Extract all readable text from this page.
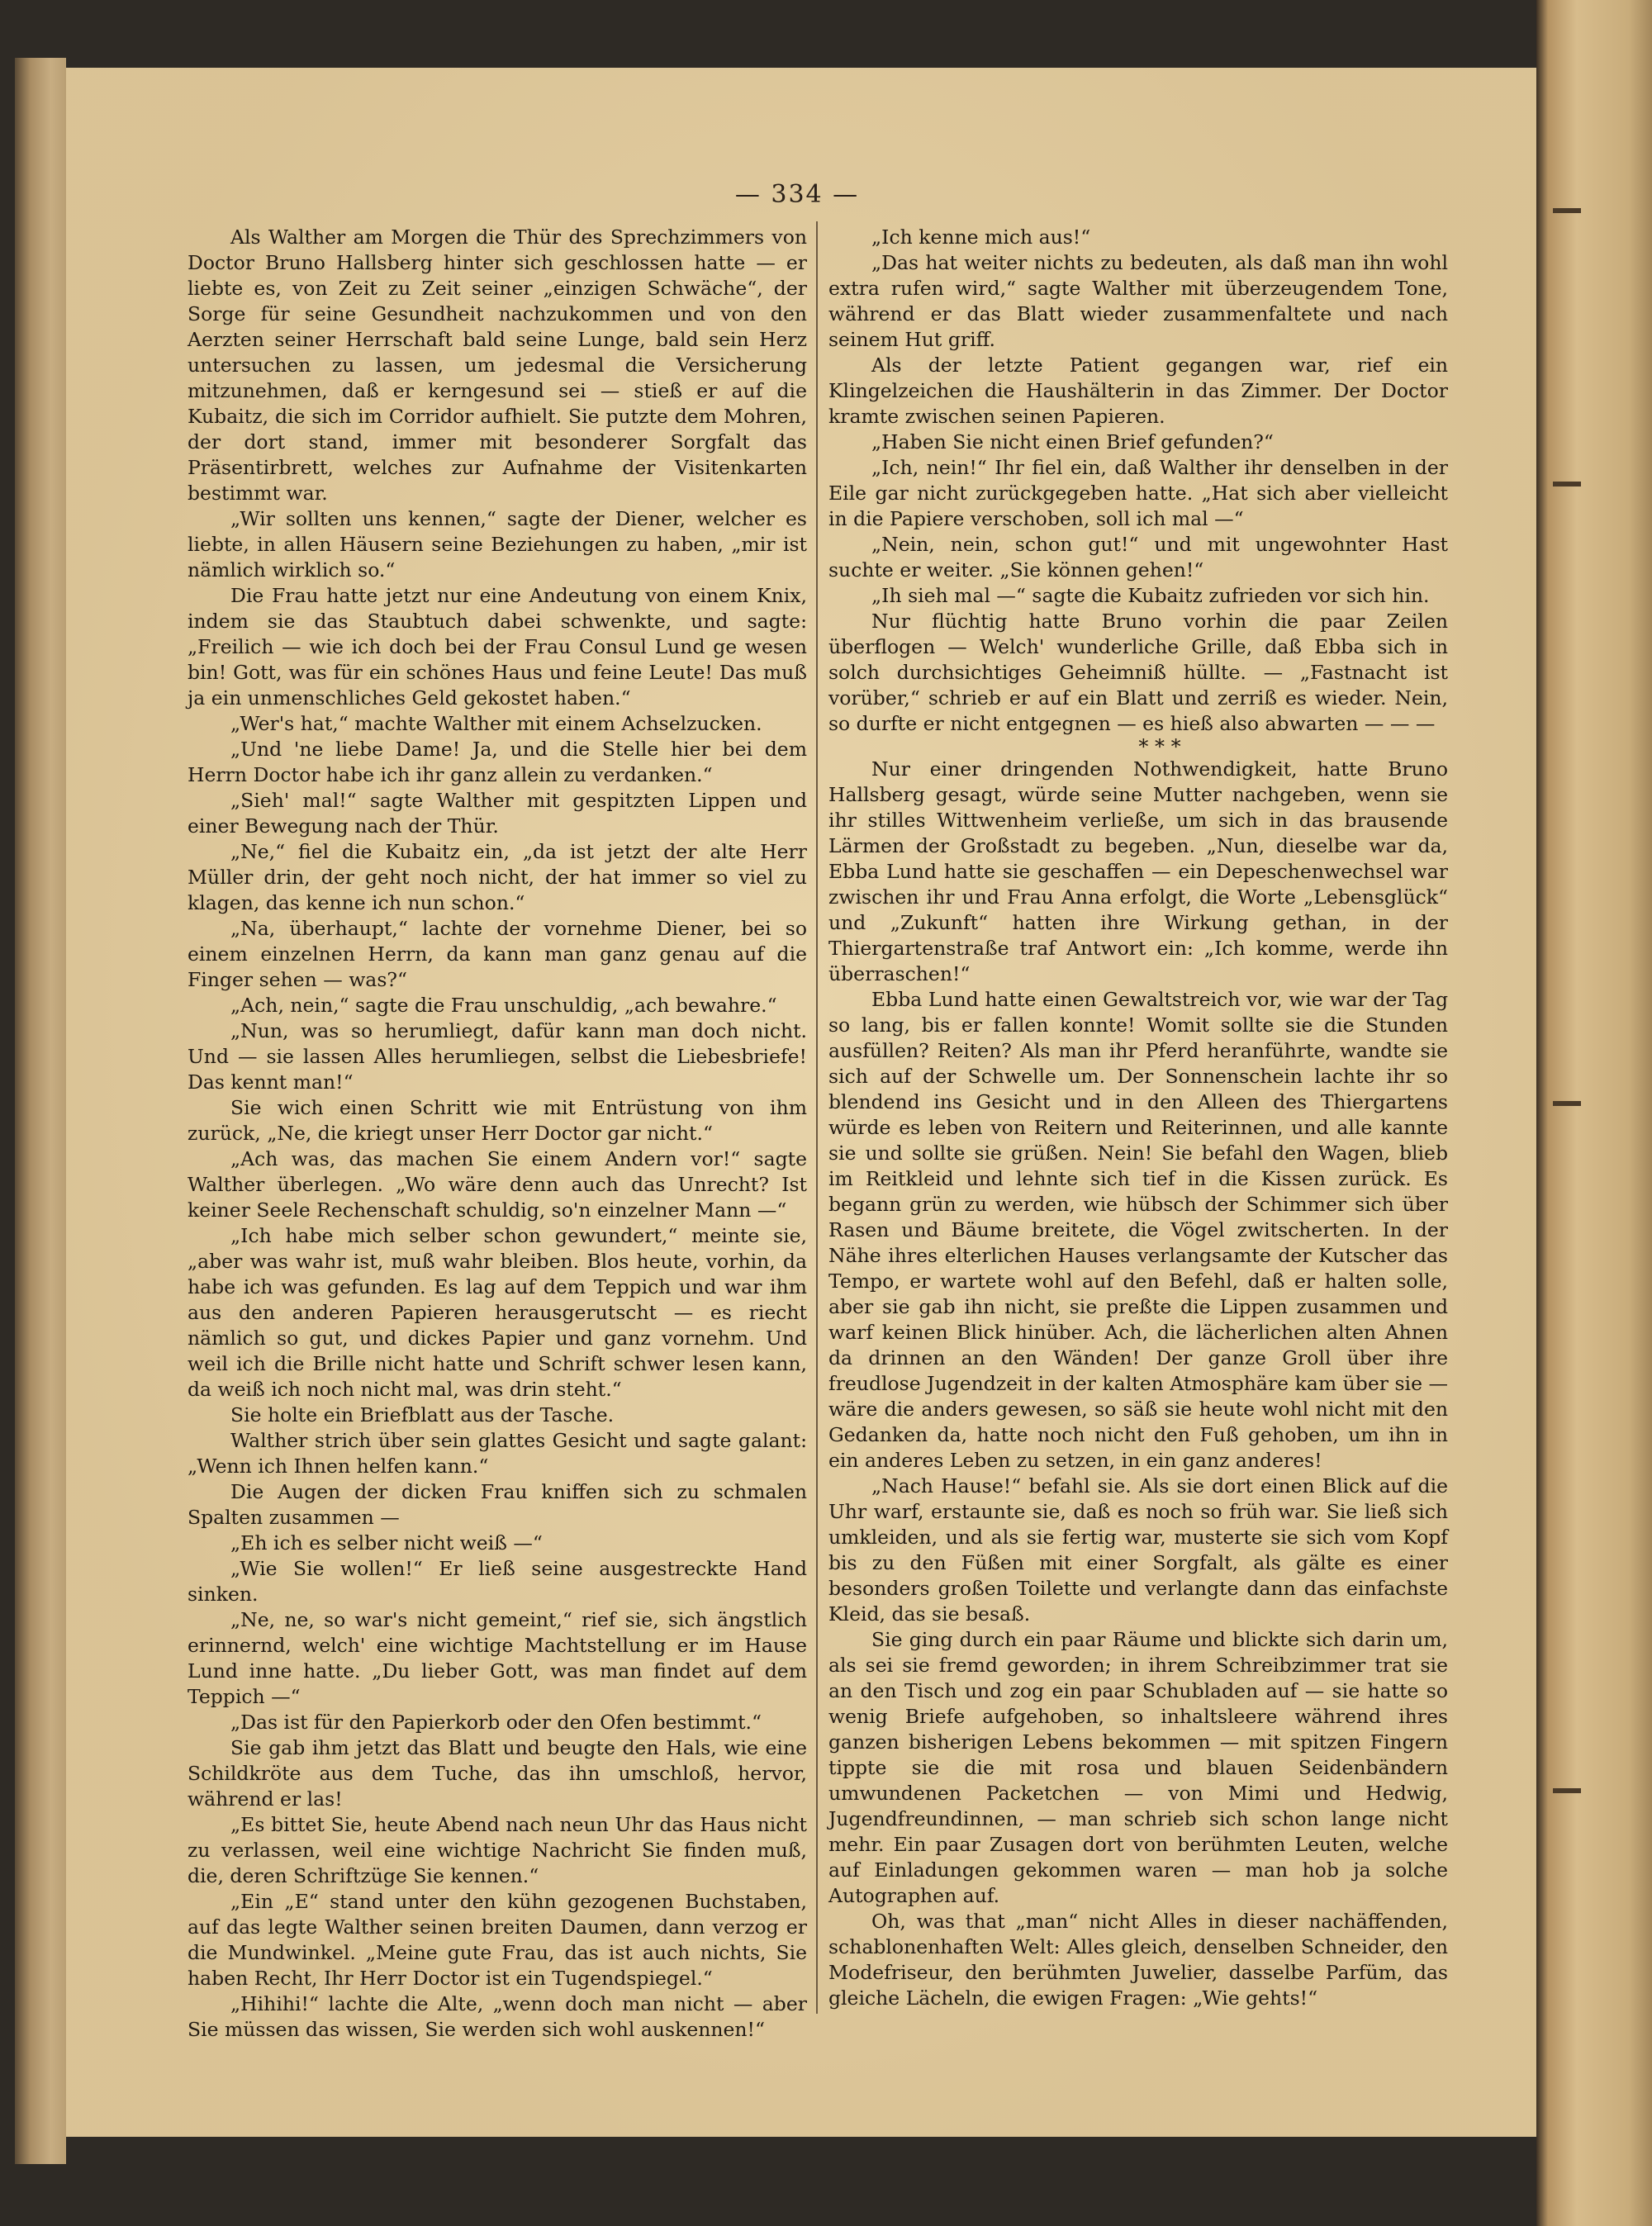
— 334 —

Als Walther am Morgen die Thür des Sprechzimmers von Doctor Bruno Hallsberg hinter sich geschlossen hatte — er liebte es, von Zeit zu Zeit seiner „einzigen Schwäche“, der Sorge für seine Gesundheit nachzukommen und von den Aerzten seiner Herrschaft bald seine Lunge, bald sein Herz untersuchen zu lassen, um jedesmal die Versicherung mitzunehmen, daß er kerngesund sei — stieß er auf die Kubaitz, die sich im Corridor aufhielt. Sie putzte dem Mohren, der dort stand, immer mit besonderer Sorgfalt das Präsentirbrett, welches zur Aufnahme der Visitenkarten bestimmt war.

„Wir sollten uns kennen,“ sagte der Diener, welcher es liebte, in allen Häusern seine Beziehungen zu haben, „mir ist nämlich wirklich so.“

Die Frau hatte jetzt nur eine Andeutung von einem Knix, indem sie das Staubtuch dabei schwenkte, und sagte: „Freilich — wie ich doch bei der Frau Consul Lund ge wesen bin! Gott, was für ein schönes Haus und feine Leute! Das muß ja ein unmenschliches Geld gekostet haben.“

„Wer's hat,“ machte Walther mit einem Achselzucken.

„Und 'ne liebe Dame! Ja, und die Stelle hier bei dem Herrn Doctor habe ich ihr ganz allein zu verdanken.“

„Sieh' mal!“ sagte Walther mit gespitzten Lippen und einer Bewegung nach der Thür.

„Ne,“ fiel die Kubaitz ein, „da ist jetzt der alte Herr Müller drin, der geht noch nicht, der hat immer so viel zu klagen, das kenne ich nun schon.“

„Na, überhaupt,“ lachte der vornehme Diener, bei so einem einzelnen Herrn, da kann man ganz genau auf die Finger sehen — was?“

„Ach, nein,“ sagte die Frau unschuldig, „ach bewahre.“

„Nun, was so herumliegt, dafür kann man doch nicht. Und — sie lassen Alles herumliegen, selbst die Liebesbriefe! Das kennt man!“

Sie wich einen Schritt wie mit Entrüstung von ihm zurück, „Ne, die kriegt unser Herr Doctor gar nicht.“

„Ach was, das machen Sie einem Andern vor!“ sagte Walther überlegen. „Wo wäre denn auch das Unrecht? Ist keiner Seele Rechenschaft schuldig, so'n einzelner Mann —“

„Ich habe mich selber schon gewundert,“ meinte sie, „aber was wahr ist, muß wahr bleiben. Blos heute, vorhin, da habe ich was gefunden. Es lag auf dem Teppich und war ihm aus den anderen Papieren herausgerutscht — es riecht nämlich so gut, und dickes Papier und ganz vornehm. Und weil ich die Brille nicht hatte und Schrift schwer lesen kann, da weiß ich noch nicht mal, was drin steht.“

Sie holte ein Briefblatt aus der Tasche.

Walther strich über sein glattes Gesicht und sagte galant: „Wenn ich Ihnen helfen kann.“

Die Augen der dicken Frau kniffen sich zu schmalen Spalten zusammen —

„Eh ich es selber nicht weiß —“

„Wie Sie wollen!“ Er ließ seine ausgestreckte Hand sinken.

„Ne, ne, so war's nicht gemeint,“ rief sie, sich ängstlich erinnernd, welch' eine wichtige Machtstellung er im Hause Lund inne hatte. „Du lieber Gott, was man findet auf dem Teppich —“

„Das ist für den Papierkorb oder den Ofen bestimmt.“

Sie gab ihm jetzt das Blatt und beugte den Hals, wie eine Schildkröte aus dem Tuche, das ihn umschloß, hervor, während er las!

„Es bittet Sie, heute Abend nach neun Uhr das Haus nicht zu verlassen, weil eine wichtige Nachricht Sie finden muß, die, deren Schriftzüge Sie kennen.“

„Ein „E“ stand unter den kühn gezogenen Buchstaben, auf das legte Walther seinen breiten Daumen, dann verzog er die Mundwinkel. „Meine gute Frau, das ist auch nichts, Sie haben Recht, Ihr Herr Doctor ist ein Tugendspiegel.“

„Hihihi!“ lachte die Alte, „wenn doch man nicht — aber Sie müssen das wissen, Sie werden sich wohl auskennen!“

„Ich kenne mich aus!“

„Das hat weiter nichts zu bedeuten, als daß man ihn wohl extra rufen wird,“ sagte Walther mit überzeugendem Tone, während er das Blatt wieder zusammenfaltete und nach seinem Hut griff.

Als der letzte Patient gegangen war, rief ein Klingelzeichen die Haushälterin in das Zimmer. Der Doctor kramte zwischen seinen Papieren.

„Haben Sie nicht einen Brief gefunden?“

„Ich, nein!“ Ihr fiel ein, daß Walther ihr denselben in der Eile gar nicht zurückgegeben hatte. „Hat sich aber vielleicht in die Papiere verschoben, soll ich mal —“

„Nein, nein, schon gut!“ und mit ungewohnter Hast suchte er weiter. „Sie können gehen!“

„Ih sieh mal —“ sagte die Kubaitz zufrieden vor sich hin.

Nur flüchtig hatte Bruno vorhin die paar Zeilen überflogen — Welch' wunderliche Grille, daß Ebba sich in solch durchsichtiges Geheimniß hüllte. — „Fastnacht ist vorüber,“ schrieb er auf ein Blatt und zerriß es wieder. Nein, so durfte er nicht entgegnen — es hieß also abwarten — — —

* * *

Nur einer dringenden Nothwendigkeit, hatte Bruno Hallsberg gesagt, würde seine Mutter nachgeben, wenn sie ihr stilles Wittwenheim verließe, um sich in das brausende Lärmen der Großstadt zu begeben. „Nun, dieselbe war da, Ebba Lund hatte sie geschaffen — ein Depeschenwechsel war zwischen ihr und Frau Anna erfolgt, die Worte „Lebensglück“ und „Zukunft“ hatten ihre Wirkung gethan, in der Thiergartenstraße traf Antwort ein: „Ich komme, werde ihn überraschen!“

Ebba Lund hatte einen Gewaltstreich vor, wie war der Tag so lang, bis er fallen konnte! Womit sollte sie die Stunden ausfüllen? Reiten? Als man ihr Pferd heranführte, wandte sie sich auf der Schwelle um. Der Sonnenschein lachte ihr so blendend ins Gesicht und in den Alleen des Thiergartens würde es leben von Reitern und Reiterinnen, und alle kannte sie und sollte sie grüßen. Nein! Sie befahl den Wagen, blieb im Reitkleid und lehnte sich tief in die Kissen zurück. Es begann grün zu werden, wie hübsch der Schimmer sich über Rasen und Bäume breitete, die Vögel zwitscherten. In der Nähe ihres elterlichen Hauses verlangsamte der Kutscher das Tempo, er wartete wohl auf den Befehl, daß er halten solle, aber sie gab ihn nicht, sie preßte die Lippen zusammen und warf keinen Blick hinüber. Ach, die lächerlichen alten Ahnen da drinnen an den Wänden! Der ganze Groll über ihre freudlose Jugendzeit in der kalten Atmosphäre kam über sie — wäre die anders gewesen, so säß sie heute wohl nicht mit den Gedanken da, hatte noch nicht den Fuß gehoben, um ihn in ein anderes Leben zu setzen, in ein ganz anderes!

„Nach Hause!“ befahl sie. Als sie dort einen Blick auf die Uhr warf, erstaunte sie, daß es noch so früh war. Sie ließ sich umkleiden, und als sie fertig war, musterte sie sich vom Kopf bis zu den Füßen mit einer Sorgfalt, als gälte es einer besonders großen Toilette und verlangte dann das einfachste Kleid, das sie besaß.

Sie ging durch ein paar Räume und blickte sich darin um, als sei sie fremd geworden; in ihrem Schreibzimmer trat sie an den Tisch und zog ein paar Schubladen auf — sie hatte so wenig Briefe aufgehoben, so inhaltsleere während ihres ganzen bisherigen Lebens bekommen — mit spitzen Fingern tippte sie die mit rosa und blauen Seidenbändern umwundenen Packetchen — von Mimi und Hedwig, Jugendfreundinnen, — man schrieb sich schon lange nicht mehr. Ein paar Zusagen dort von berühmten Leuten, welche auf Einladungen gekommen waren — man hob ja solche Autographen auf.

Oh, was that „man“ nicht Alles in dieser nachäffenden, schablonenhaften Welt: Alles gleich, denselben Schneider, den Modefriseur, den berühmten Juwelier, dasselbe Parfüm, das gleiche Lächeln, die ewigen Fragen: „Wie gehts!“
